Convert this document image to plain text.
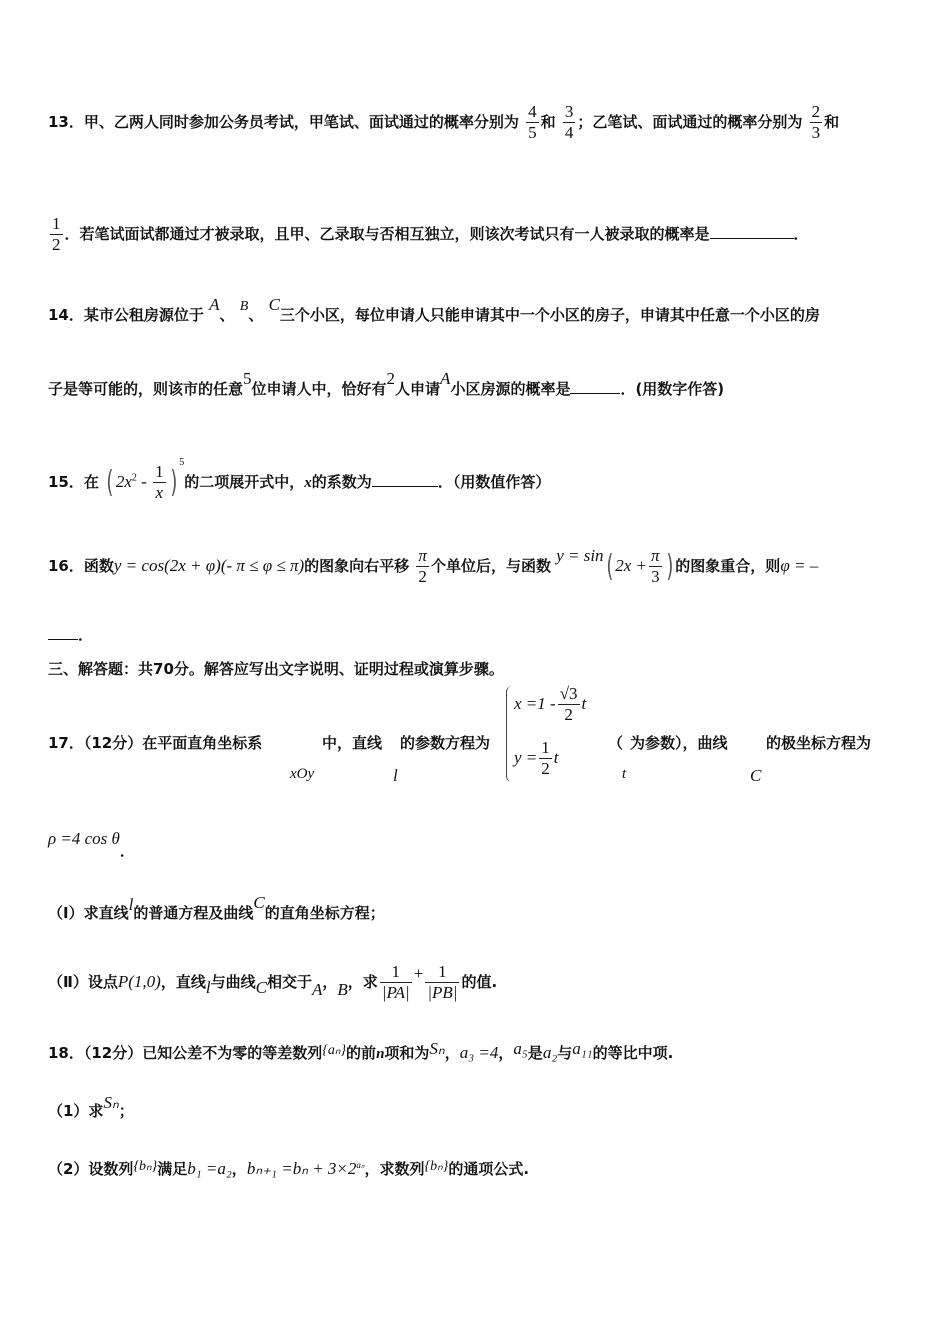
13．甲、乙两人同时参加公务员考试，甲笔试、面试通过的概率分别为 $\frac{4}{5}$ 和 $\frac{3}{4}$ ；乙笔试、面试通过的概率分别为 $\frac{2}{3}$ 和
$\frac{1}{2}$ ．若笔试面试都通过才被录取，且甲、乙录取与否相互独立，则该次考试只有一人被录取的概率是	．
14．某市公租房源位于 A、 B、 C三个小区，每位申请人只能申请其中一个小区的房子，申请其中任意一个小区的房
子是等可能的，则该市的任意5位申请人中，恰好有2人申请A小区房源的概率是	．(用数字作答)
15．在 ( $2x^2 - \frac{1}{x} )^5$的二项展开式中，x的系数为	．（用数值作答）
16．函数y = cos(2x + φ)(- π ≤ φ ≤ π)的图象向右平移 $\frac{\pi}{2}$ 个单位后，与函数 y = sin( $2x + \frac{\pi}{3}$ ) 的图象重合，则φ = –
．
三、解答题：共70分。解答应写出文字说明、证明过程或演算步骤。
17．（12分）在平面直角坐标系
xOy
中，直线
l
的参数方程为
$x =1 - \frac{√3}{2}$ t
$y = \frac{1}{2}$ t
（
t
为参数），曲线
C
的极坐标方程为
ρ =4 cos θ．
（Ⅰ）求直线l的普通方程及曲线C的直角坐标方程；
（Ⅱ）设点P(1,0)，直线l与曲线C相交于A，B，求 $\frac{1}{|PA|} + \frac{1}{|PB|}$ 的值.
18．（12分）已知公差不为零的等差数列{aₙ}的前n项和为Sₙ，a₃ =4，a₅是a₂与a₁₁的等比中项.
（1）求Sₙ；
（2）设数列{bₙ}满足b₁ =a₂，$b_{n+1} =b_n + 3\times 2^{a_n}$，求数列{bₙ}的通项公式.
